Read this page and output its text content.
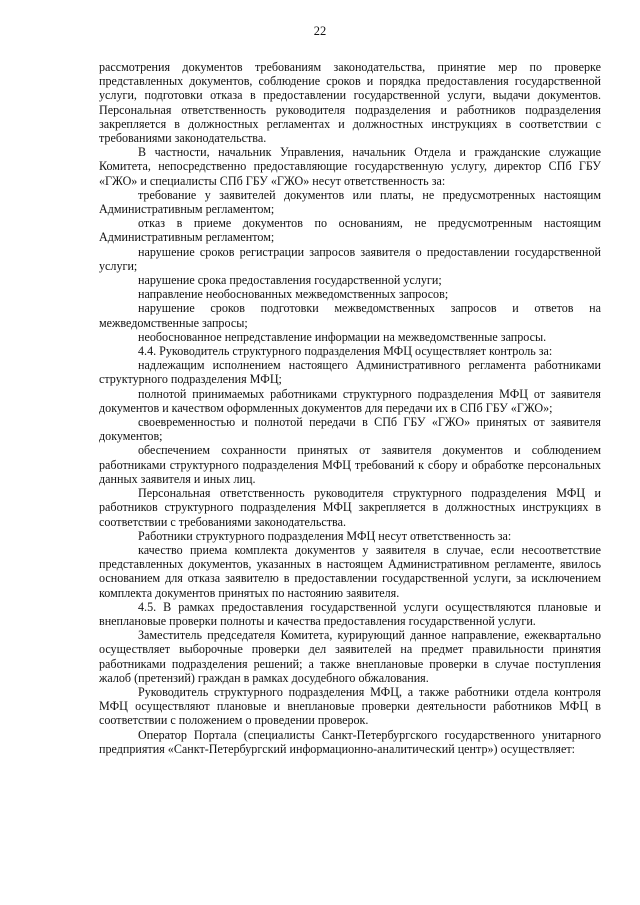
22

рассмотрения документов требованиям законодательства, принятие мер по проверке представленных документов, соблюдение сроков и порядка предоставления государственной услуги, подготовки отказа в предоставлении государственной услуги, выдачи документов. Персональная ответственность руководителя подразделения и работников подразделения закрепляется в должностных регламентах и должностных инструкциях в соответствии с требованиями законодательства.

В частности, начальник Управления, начальник Отдела и гражданские служащие Комитета, непосредственно предоставляющие государственную услугу, директор СПб ГБУ «ГЖО» и специалисты СПб ГБУ «ГЖО» несут ответственность за:

требование у заявителей документов или платы, не предусмотренных настоящим Административным регламентом;

отказ в приеме документов по основаниям, не предусмотренным настоящим Административным регламентом;

нарушение сроков регистрации запросов заявителя о предоставлении государственной услуги;

нарушение срока предоставления государственной услуги;

направление необоснованных межведомственных запросов;

нарушение сроков подготовки межведомственных запросов и ответов на межведомственные запросы;

необоснованное непредставление информации на межведомственные запросы.

4.4. Руководитель структурного подразделения МФЦ осуществляет контроль за:

надлежащим исполнением настоящего Административного регламента работниками структурного подразделения МФЦ;

полнотой принимаемых работниками структурного подразделения МФЦ от заявителя документов и качеством оформленных документов для передачи их в СПб ГБУ «ГЖО»;

своевременностью и полнотой передачи в СПб ГБУ «ГЖО» принятых от заявителя документов;

обеспечением сохранности принятых от заявителя документов и соблюдением работниками структурного подразделения МФЦ требований к сбору и обработке персональных данных заявителя и иных лиц.

Персональная ответственность руководителя структурного подразделения МФЦ и работников структурного подразделения МФЦ закрепляется в должностных инструкциях в соответствии с требованиями законодательства.

Работники структурного подразделения МФЦ несут ответственность за:

качество приема комплекта документов у заявителя в случае, если несоответствие представленных документов, указанных в настоящем Административном регламенте, явилось основанием для отказа заявителю в предоставлении государственной услуги, за исключением комплекта документов принятых по настоянию заявителя.

4.5. В рамках предоставления государственной услуги осуществляются плановые и внеплановые проверки полноты и качества предоставления государственной услуги.

Заместитель председателя Комитета, курирующий данное направление, ежеквартально осуществляет выборочные проверки дел заявителей на предмет правильности принятия работниками подразделения решений; а также внеплановые проверки в случае поступления жалоб (претензий) граждан в рамках досудебного обжалования.

Руководитель структурного подразделения МФЦ, а также работники отдела контроля МФЦ осуществляют плановые и внеплановые проверки деятельности работников МФЦ в соответствии с положением о проведении проверок.

Оператор Портала (специалисты Санкт-Петербургского государственного унитарного предприятия «Санкт-Петербургский информационно-аналитический центр») осуществляет:
